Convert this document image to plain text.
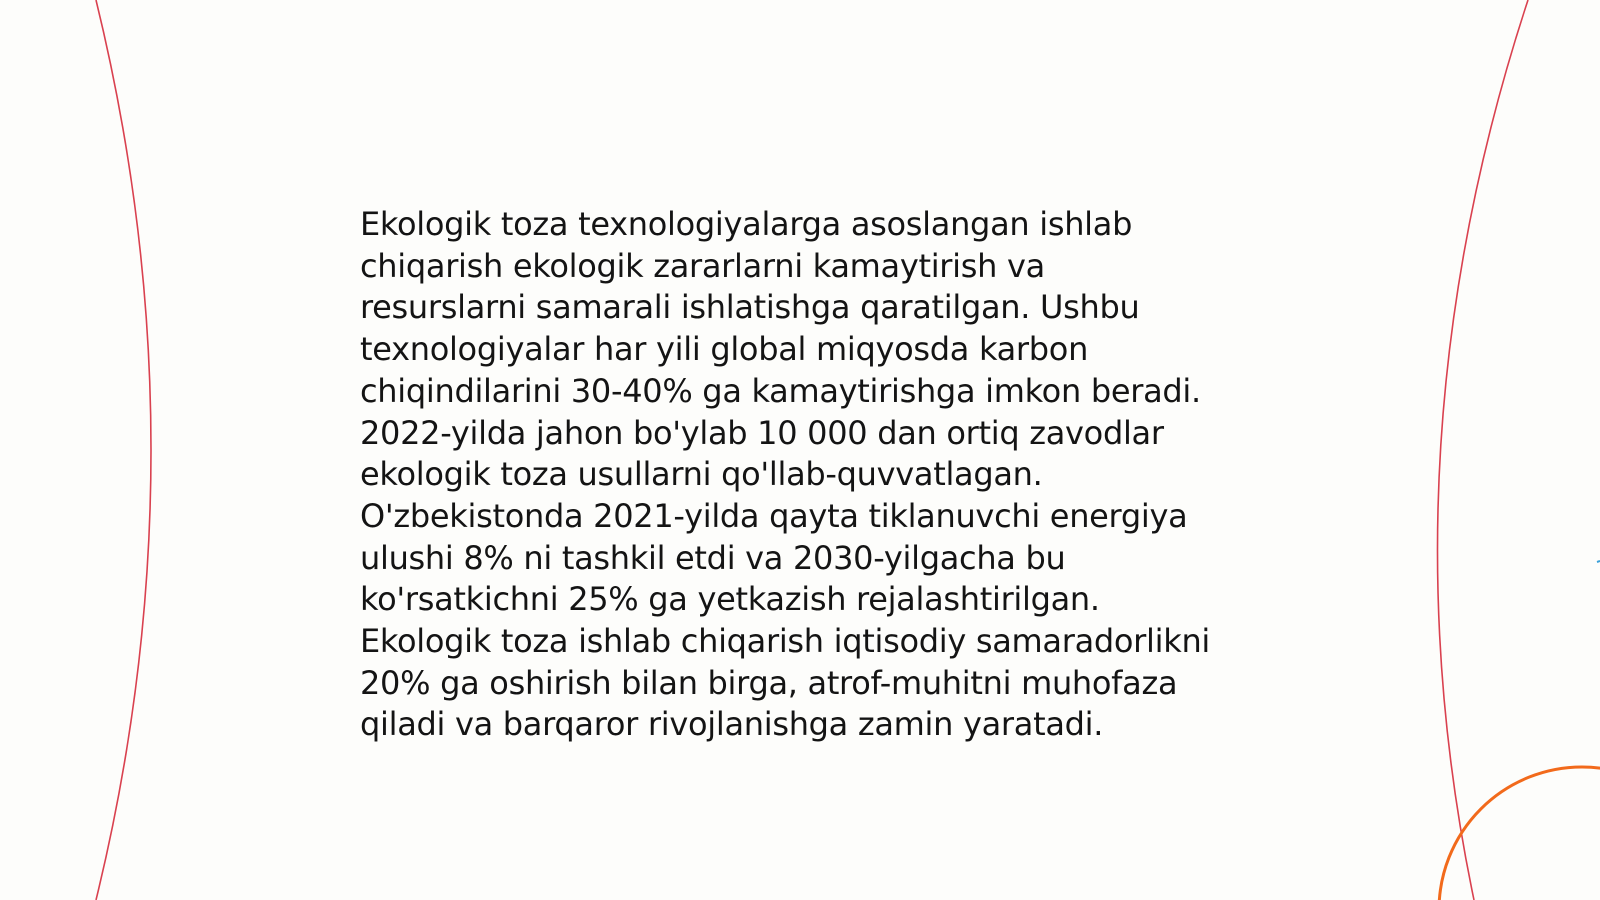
Ekologik toza texnologiyalarga asoslangan ishlab
chiqarish ekologik zararlarni kamaytirish va
resurslarni samarali ishlatishga qaratilgan. Ushbu
texnologiyalar har yili global miqyosda karbon
chiqindilarini 30-40% ga kamaytirishga imkon beradi.
2022-yilda jahon bo'ylab 10 000 dan ortiq zavodlar
ekologik toza usullarni qo'llab-quvvatlagan.
O'zbekistonda 2021-yilda qayta tiklanuvchi energiya
ulushi 8% ni tashkil etdi va 2030-yilgacha bu
ko'rsatkichni 25% ga yetkazish rejalashtirilgan.
Ekologik toza ishlab chiqarish iqtisodiy samaradorlikni
20% ga oshirish bilan birga, atrof-muhitni muhofaza
qiladi va barqaror rivojlanishga zamin yaratadi.
